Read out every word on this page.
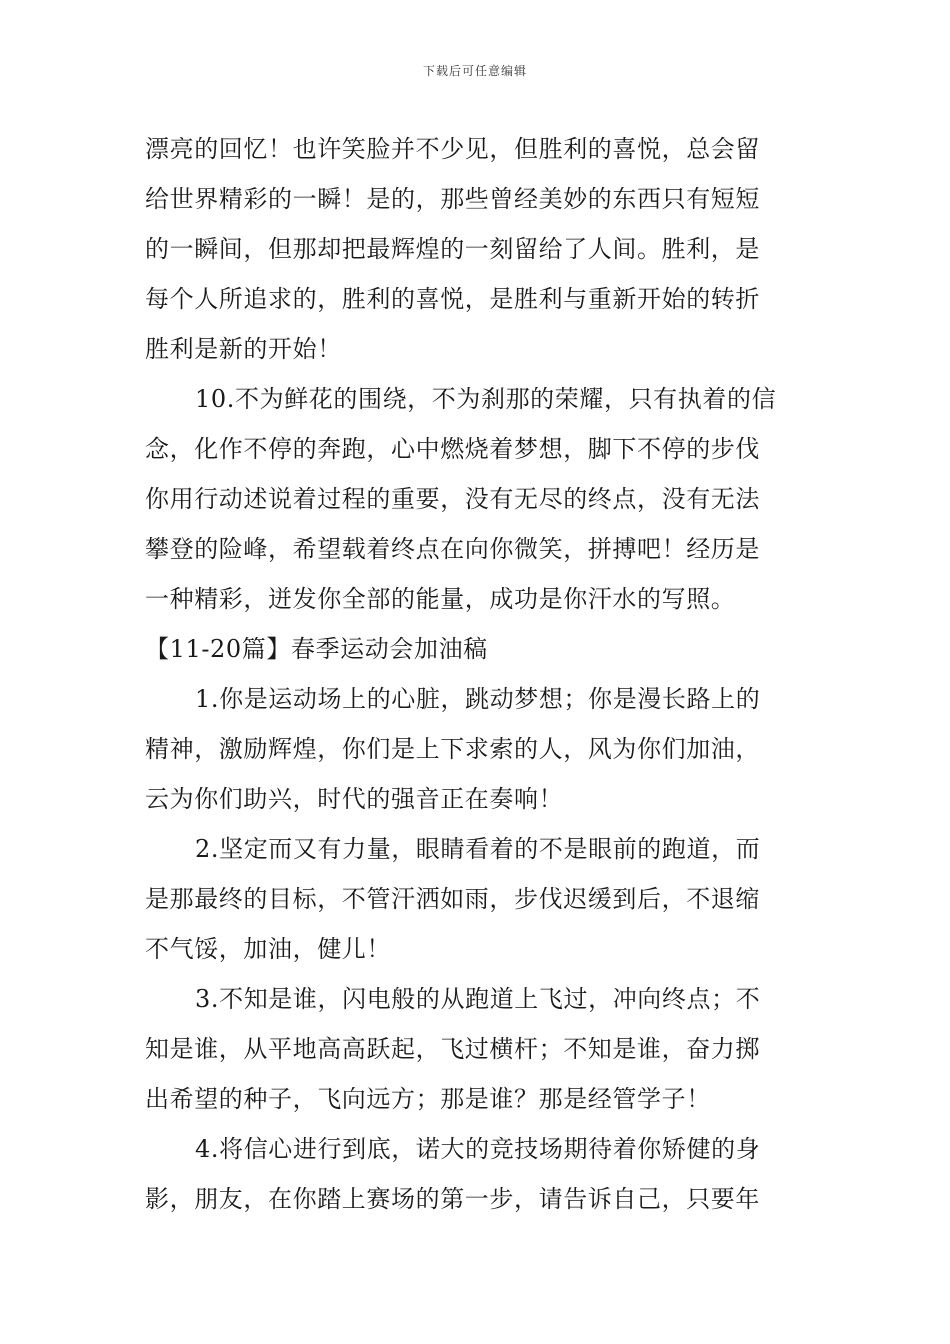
下载后可任意编辑
漂亮的回忆！也许笑脸并不少见，但胜利的喜悦，总会留
给世界精彩的一瞬！是的，那些曾经美妙的东西只有短短
的一瞬间，但那却把最辉煌的一刻留给了人间。胜利，是
每个人所追求的，胜利的喜悦，是胜利与重新开始的转折
胜利是新的开始！
10.不为鲜花的围绕，不为刹那的荣耀，只有执着的信
念，化作不停的奔跑，心中燃烧着梦想，脚下不停的步伐
你用行动述说着过程的重要，没有无尽的终点，没有无法
攀登的险峰，希望载着终点在向你微笑，拼搏吧！经历是
一种精彩，迸发你全部的能量，成功是你汗水的写照。
【11-20篇】春季运动会加油稿
1.你是运动场上的心脏，跳动梦想；你是漫长路上的
精神，激励辉煌，你们是上下求索的人，风为你们加油，
云为你们助兴，时代的强音正在奏响！
2.坚定而又有力量，眼睛看着的不是眼前的跑道，而
是那最终的目标，不管汗洒如雨，步伐迟缓到后，不退缩
不气馁，加油，健儿！
3.不知是谁，闪电般的从跑道上飞过，冲向终点；不
知是谁，从平地高高跃起，飞过横杆；不知是谁，奋力掷
出希望的种子，飞向远方；那是谁？那是经管学子！
4.将信心进行到底，诺大的竞技场期待着你矫健的身
影，朋友，在你踏上赛场的第一步，请告诉自己，只要年
